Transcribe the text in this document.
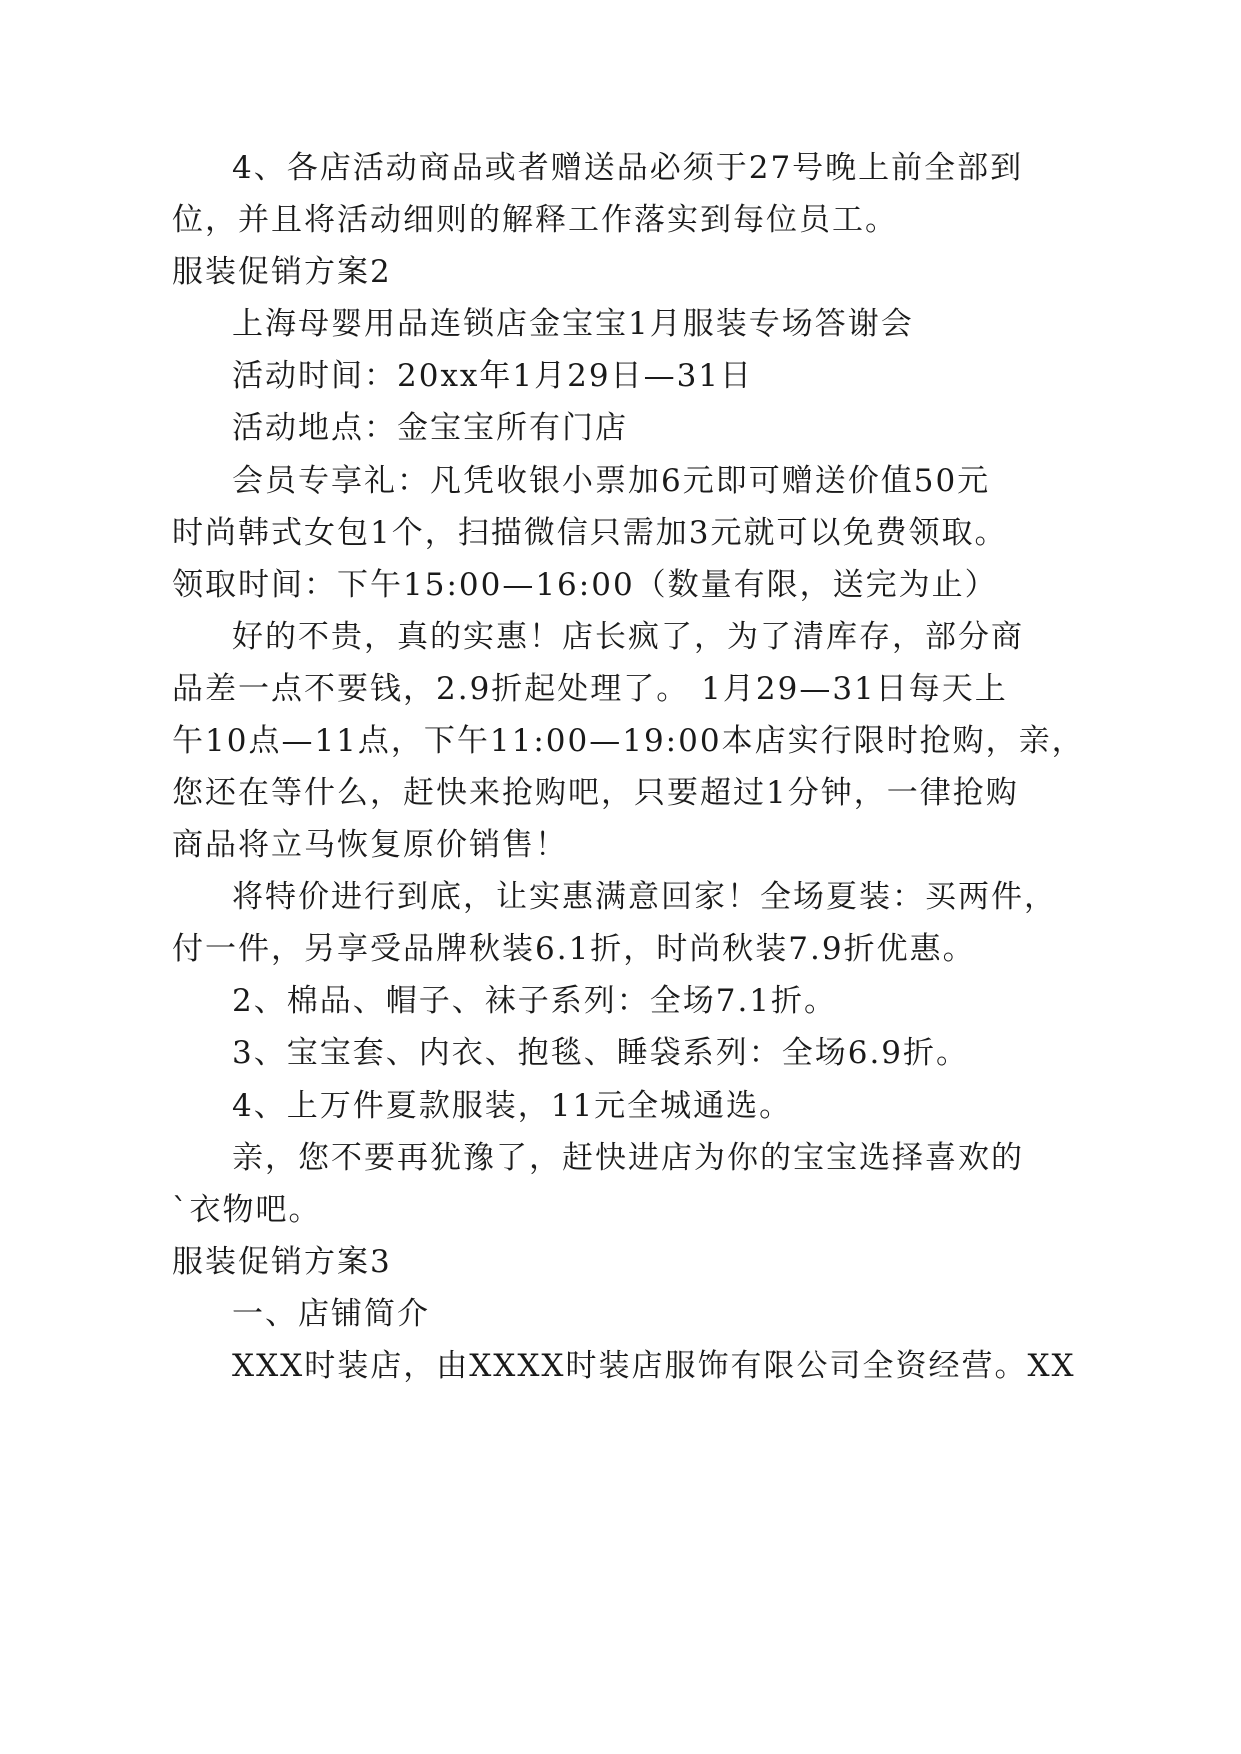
4、各店活动商品或者赠送品必须于27号晚上前全部到
位，并且将活动细则的解释工作落实到每位员工。
服装促销方案2
上海母婴用品连锁店金宝宝1月服装专场答谢会
活动时间：20xx年1月29日—31日
活动地点：金宝宝所有门店
会员专享礼：凡凭收银小票加6元即可赠送价值50元
时尚韩式女包1个，扫描微信只需加3元就可以免费领取。
领取时间：下午15:00—16:00（数量有限，送完为止）
好的不贵，真的实惠！店长疯了，为了清库存，部分商
品差一点不要钱，2.9折起处理了。 1月29—31日每天上
午10点—11点，下午11:00—19:00本店实行限时抢购，亲，
您还在等什么，赶快来抢购吧，只要超过1分钟，一律抢购
商品将立马恢复原价销售！
将特价进行到底，让实惠满意回家！全场夏装：买两件，
付一件，另享受品牌秋装6.1折，时尚秋装7.9折优惠。
2、棉品、帽子、袜子系列：全场7.1折。
3、宝宝套、内衣、抱毯、睡袋系列：全场6.9折。
4、上万件夏款服装，11元全城通选。
亲，您不要再犹豫了，赶快进店为你的宝宝选择喜欢的
`衣物吧。
服装促销方案3
一、店铺简介
XXX时装店，由XXXX时装店服饰有限公司全资经营。XX
